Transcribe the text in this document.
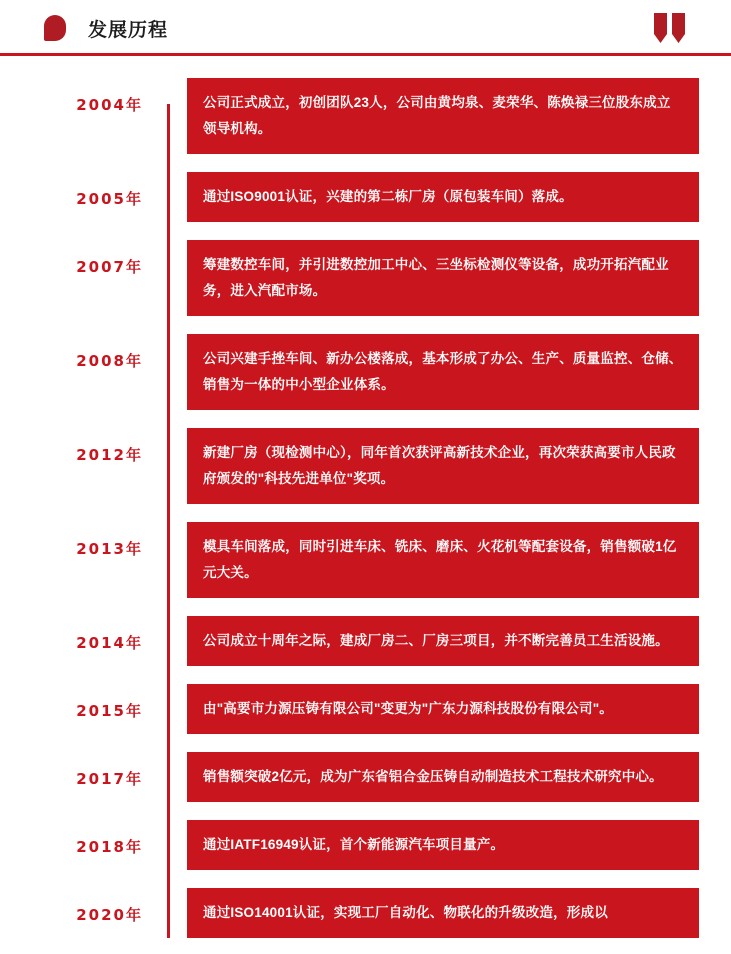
发展历程
2004年	公司正式成立，初创团队23人，公司由黄均泉、麦荣华、陈焕禄三位股东成立领导机构。
2005年	通过ISO9001认证，兴建的第二栋厂房（原包装车间）落成。
2007年	筹建数控车间，并引进数控加工中心、三坐标检测仪等设备，成功开拓汽配业务，进入汽配市场。
2008年	公司兴建手挫车间、新办公楼落成，基本形成了办公、生产、质量监控、仓储、销售为一体的中小型企业体系。
2012年	新建厂房（现检测中心），同年首次获评高新技术企业，再次荣获高要市人民政府颁发的"科技先进单位"奖项。
2013年	模具车间落成，同时引进车床、铣床、磨床、火花机等配套设备，销售额破1亿元大关。
2014年	公司成立十周年之际，建成厂房二、厂房三项目，并不断完善员工生活设施。
2015年	由"高要市力源压铸有限公司"变更为"广东力源科技股份有限公司"。
2017年	销售额突破2亿元，成为广东省铝合金压铸自动制造技术工程技术研究中心。
2018年	通过IATF16949认证，首个新能源汽车项目量产。
2020年	通过ISO14001认证，实现工厂自动化、物联化的升级改造，形成以
